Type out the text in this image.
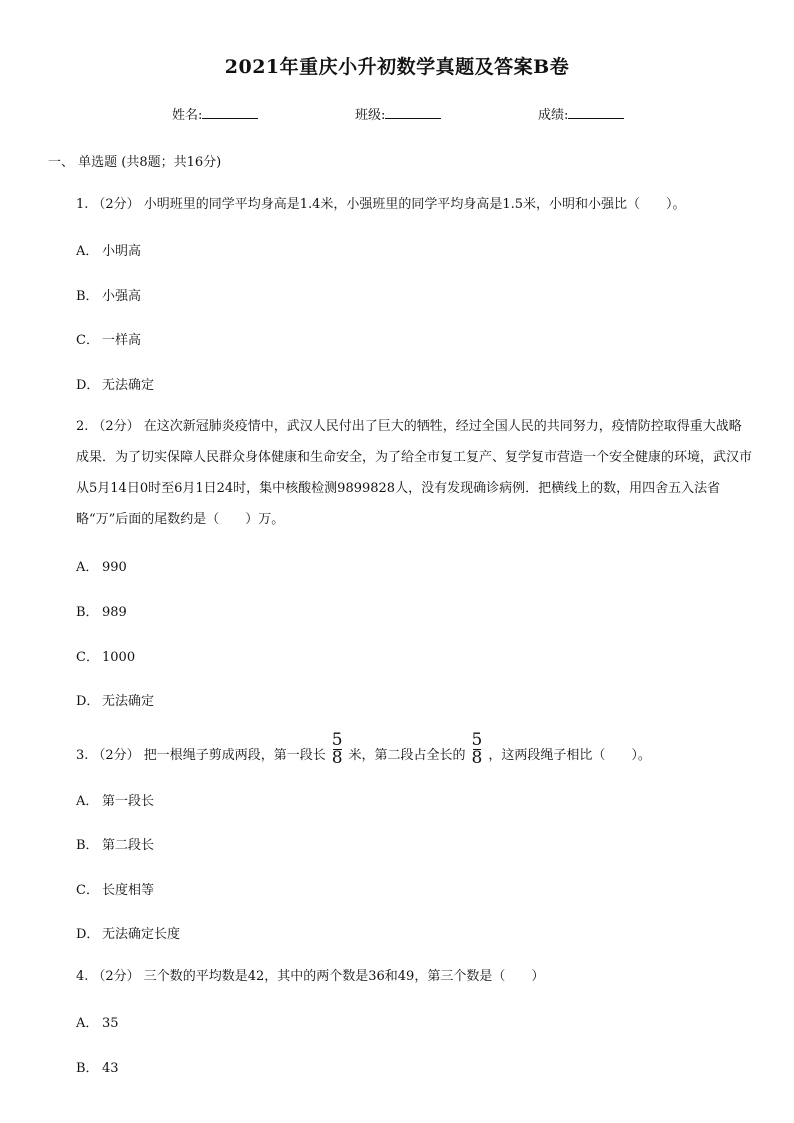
2021年重庆小升初数学真题及答案B卷
姓名:	班级:	成绩:
一、 单选题 (共8题；共16分)
1. （2分） 小明班里的同学平均身高是1.4米，小强班里的同学平均身高是1.5米，小明和小强比（　　）。
A． 小明高
B． 小强高
C． 一样高
D． 无法确定
2. （2分） 在这次新冠肺炎疫情中，武汉人民付出了巨大的牺牲，经过全国人民的共同努力，疫情防控取得重大战略成果．为了切实保障人民群众身体健康和生命安全，为了给全市复工复产、复学复市营造一个安全健康的环境，武汉市从5月14日0时至6月1日24时，集中核酸检测9899828人，没有发现确诊病例．把横线上的数，用四舍五入法省略“万”后面的尾数约是（　　）万。
A． 990
B． 989
C． 1000
D． 无法确定
3. （2分） 把一根绳子剪成两段，第一段长 $\frac{5}{8}$ 米，第二段占全长的 $\frac{5}{8}$ ，这两段绳子相比（　　）。
A． 第一段长
B． 第二段长
C． 长度相等
D． 无法确定长度
4. （2分） 三个数的平均数是42，其中的两个数是36和49，第三个数是（　　）
A． 35
B． 43
